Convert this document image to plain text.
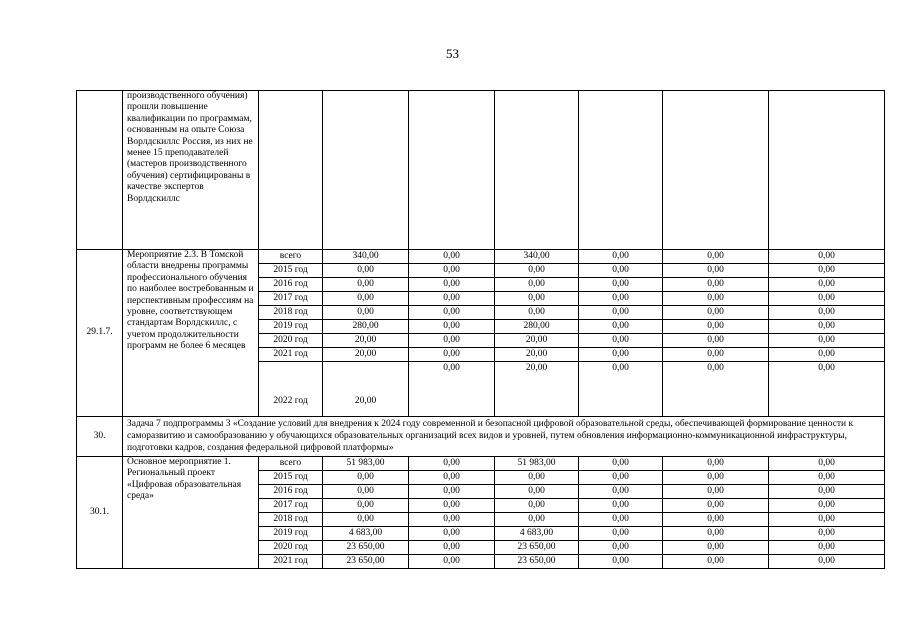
53
	производственного обучения) прошли повышение квалификации по программам, основанным на опыте Союза Ворлдскиллс Россия, из них не менее 15 преподавателей (мастеров производственного обучения) сертифицированы в качестве экспертов Ворлдскиллс							
29.1.7.	Мероприятие 2.3. В Томской области внедрены программы профессионального обучения по наиболее востребованным и перспективным профессиям на уровне, соответствующем стандартам Ворлдскиллс, с учетом продолжительности программ не более 6 месяцев	всего	340,00	0,00	340,00	0,00	0,00	0,00
		2015 год	0,00	0,00	0,00	0,00	0,00	0,00
		2016 год	0,00	0,00	0,00	0,00	0,00	0,00
		2017 год	0,00	0,00	0,00	0,00	0,00	0,00
		2018 год	0,00	0,00	0,00	0,00	0,00	0,00
		2019 год	280,00	0,00	280,00	0,00	0,00	0,00
		2020 год	20,00	0,00	20,00	0,00	0,00	0,00
		2021 год	20,00	0,00	20,00	0,00	0,00	0,00
		2022 год	20,00	0,00	20,00	0,00	0,00	0,00
30.	Задача 7 подпрограммы 3 «Создание условий для внедрения к 2024 году современной и безопасной цифровой образовательной среды, обеспечивающей формирование ценности к саморазвитию и самообразованию у обучающихся образовательных организаций всех видов и уровней, путем обновления информационно-коммуникационной инфраструктуры, подготовки кадров, создания федеральной цифровой платформы»							
30.1.	Основное мероприятие 1. Региональный проект «Цифровая образовательная среда»	всего	51 983,00	0,00	51 983,00	0,00	0,00	0,00
		2015 год	0,00	0,00	0,00	0,00	0,00	0,00
		2016 год	0,00	0,00	0,00	0,00	0,00	0,00
		2017 год	0,00	0,00	0,00	0,00	0,00	0,00
		2018 год	0,00	0,00	0,00	0,00	0,00	0,00
		2019 год	4 683,00	0,00	4 683,00	0,00	0,00	0,00
		2020 год	23 650,00	0,00	23 650,00	0,00	0,00	0,00
		2021 год	23 650,00	0,00	23 650,00	0,00	0,00	0,00
